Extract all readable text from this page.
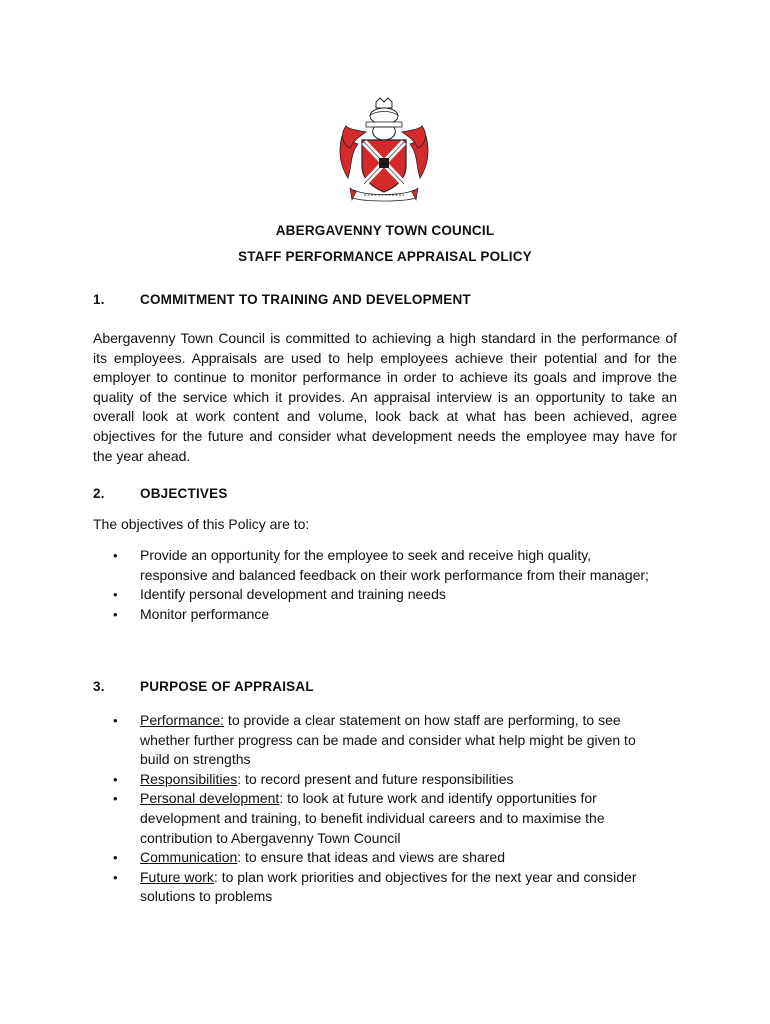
ABERGAVENNY TOWN COUNCIL
STAFF PERFORMANCE APPRAISAL POLICY
1.	COMMITMENT TO TRAINING AND DEVELOPMENT

Abergavenny Town Council is committed to achieving a high standard in the performance of its employees. Appraisals are used to help employees achieve their potential and for the employer to continue to monitor performance in order to achieve its goals and improve the quality of the service which it provides. An appraisal interview is an opportunity to take an overall look at work content and volume, look back at what has been achieved, agree objectives for the future and consider what development needs the employee may have for the year ahead.

2.	OBJECTIVES

The objectives of this Policy are to:

• Provide an opportunity for the employee to seek and receive high quality, responsive and balanced feedback on their work performance from their manager;
• Identify personal development and training needs
• Monitor performance
3.	PURPOSE OF APPRAISAL
• Performance: to provide a clear statement on how staff are performing, to see whether further progress can be made and consider what help might be given to build on strengths
• Responsibilities: to record present and future responsibilities
• Personal development: to look at future work and identify opportunities for development and training, to benefit individual careers and to maximise the contribution to Abergavenny Town Council
• Communication: to ensure that ideas and views are shared
• Future work: to plan work priorities and objectives for the next year and consider solutions to problems
